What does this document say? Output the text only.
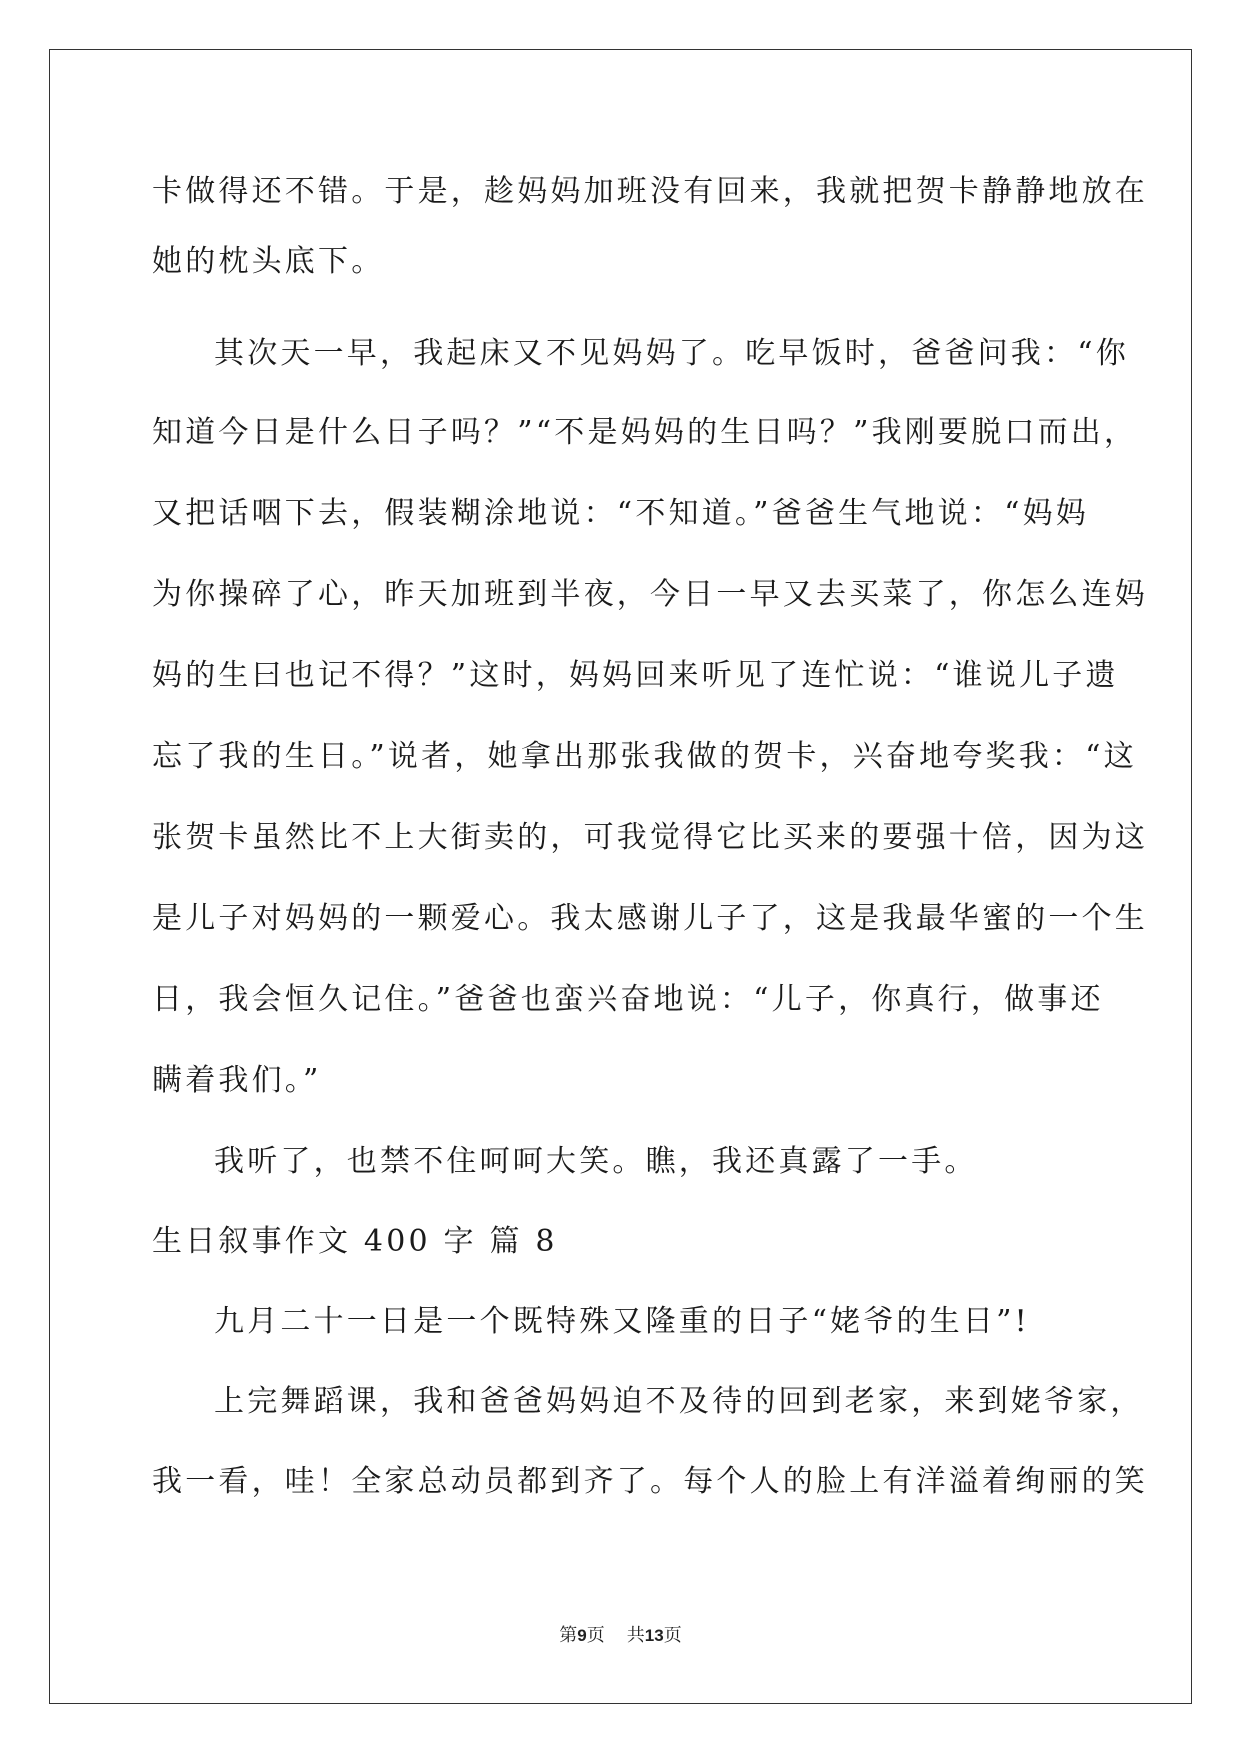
卡做得还不错。于是，趁妈妈加班没有回来，我就把贺卡静静地放在
她的枕头底下。
其次天一早，我起床又不见妈妈了。吃早饭时，爸爸问我：“你
知道今日是什么日子吗？”“不是妈妈的生日吗？”我刚要脱口而出，
又把话咽下去，假装糊涂地说：“不知道。”爸爸生气地说：“妈妈
为你操碎了心，昨天加班到半夜，今日一早又去买菜了，你怎么连妈
妈的生曰也记不得？”这时，妈妈回来听见了连忙说：“谁说儿子遗
忘了我的生日。”说者，她拿出那张我做的贺卡，兴奋地夸奖我：“这
张贺卡虽然比不上大街卖的，可我觉得它比买来的要强十倍，因为这
是儿子对妈妈的一颗爱心。我太感谢儿子了，这是我最华蜜的一个生
日，我会恒久记住。”爸爸也蛮兴奋地说：“儿子，你真行，做事还
瞒着我们。”
我听了，也禁不住呵呵大笑。瞧，我还真露了一手。
生日叙事作文 400 字 篇 8
九月二十一日是一个既特殊又隆重的日子“姥爷的生日”!
上完舞蹈课，我和爸爸妈妈迫不及待的回到老家，来到姥爷家，
我一看，哇！全家总动员都到齐了。每个人的脸上有洋溢着绚丽的笑
第9页 共13页
